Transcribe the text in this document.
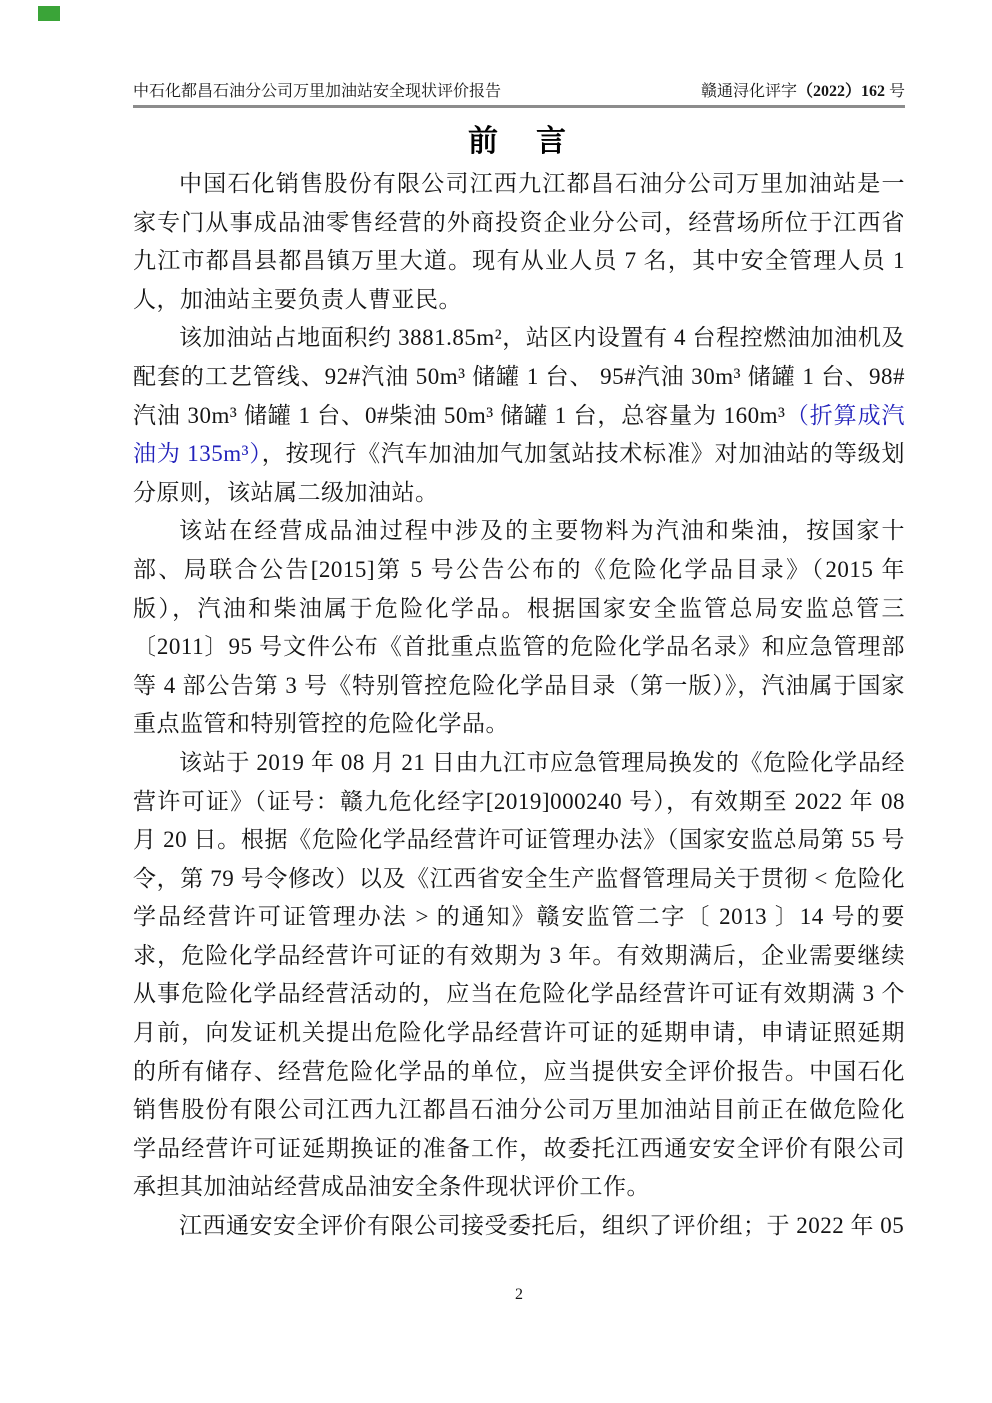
中石化都昌石油分公司万里加油站安全现状评价报告	赣通浔化评字（2022）162 号
前　言

中国石化销售股份有限公司江西九江都昌石油分公司万里加油站是一家专门从事成品油零售经营的外商投资企业分公司，经营场所位于江西省九江市都昌县都昌镇万里大道。现有从业人员 7 名，其中安全管理人员 1 人，加油站主要负责人曹亚民。

该加油站占地面积约 3881.85m²，站区内设置有 4 台程控燃油加油机及配套的工艺管线、92#汽油 50m³ 储罐 1 台、 95#汽油 30m³ 储罐 1 台、98#汽油 30m³ 储罐 1 台、0#柴油 50m³ 储罐 1 台，总容量为 160m³（折算成汽油为 135m³），按现行《汽车加油加气加氢站技术标准》对加油站的等级划分原则，该站属二级加油站。

该站在经营成品油过程中涉及的主要物料为汽油和柴油，按国家十部、局联合公告[2015]第 5 号公告公布的《危险化学品目录》（2015 年版），汽油和柴油属于危险化学品。根据国家安全监管总局安监总管三〔2011〕95 号文件公布《首批重点监管的危险化学品名录》和应急管理部等 4 部公告第 3 号《特别管控危险化学品目录（第一版）》，汽油属于国家重点监管和特别管控的危险化学品。

该站于 2019 年 08 月 21 日由九江市应急管理局换发的《危险化学品经营许可证》（证号：赣九危化经字[2019]000240 号），有效期至 2022 年 08 月 20 日。根据《危险化学品经营许可证管理办法》（国家安监总局第 55 号令，第 79 号令修改）以及《江西省安全生产监督管理局关于贯彻 < 危险化学品经营许可证管理办法 > 的通知》赣安监管二字〔 2013 〕14 号的要求，危险化学品经营许可证的有效期为 3 年。有效期满后，企业需要继续从事危险化学品经营活动的，应当在危险化学品经营许可证有效期满 3 个月前，向发证机关提出危险化学品经营许可证的延期申请，申请证照延期的所有储存、经营危险化学品的单位，应当提供安全评价报告。中国石化销售股份有限公司江西九江都昌石油分公司万里加油站目前正在做危险化学品经营许可证延期换证的准备工作，故委托江西通安安全评价有限公司承担其加油站经营成品油安全条件现状评价工作。

江西通安安全评价有限公司接受委托后，组织了评价组；于 2022 年 05

2
